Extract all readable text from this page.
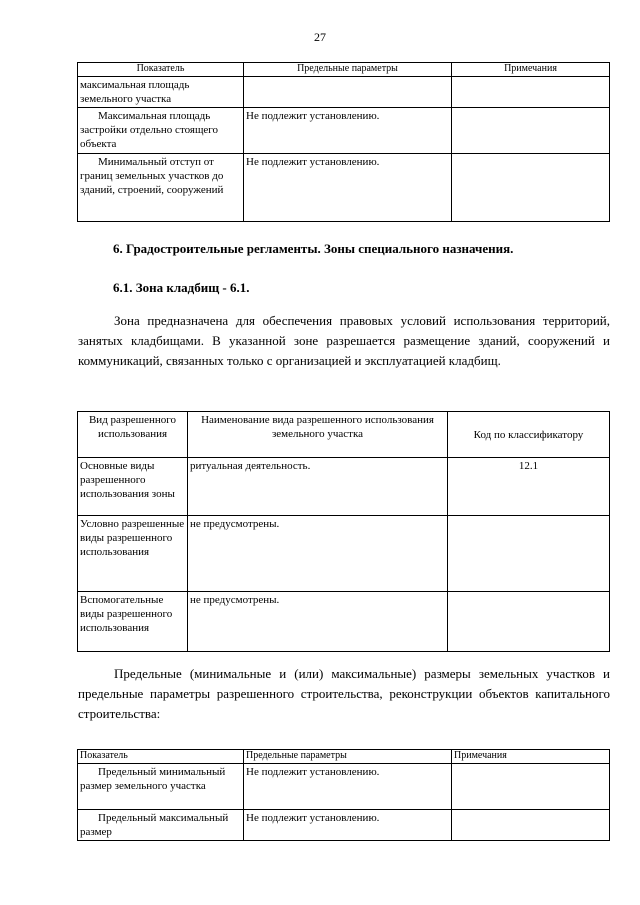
27
Показатель	Предельные параметры	Примечания
максимальная площадь земельного участка		
Максимальная площадь застройки отдельно стоящего объекта	Не подлежит установлению.	
Минимальный отступ от границ земельных участков до зданий, строений, сооружений	Не подлежит установлению.	
6. Градостроительные регламенты. Зоны специального назначения.
6.1. Зона кладбищ - 6.1.
Зона предназначена для обеспечения правовых условий использования территорий, занятых кладбищами. В указанной зоне разрешается размещение зданий, сооружений и коммуникаций, связанных только с организацией и эксплуатацией кладбищ.
Вид разрешенного использования	Наименование вида разрешенного использования земельного участка	Код по классификатору
Основные виды разрешенного использования зоны	ритуальная деятельность.	12.1
Условно разрешенные виды разрешенного использования	не предусмотрены.	
Вспомогательные виды разрешенного использования	не предусмотрены.	
Предельные (минимальные и (или) максимальные) размеры земельных участков и предельные параметры разрешенного строительства, реконструкции объектов капитального строительства:
Показатель	Предельные параметры	Примечания
Предельный минимальный размер земельного участка	Не подлежит установлению.	
Предельный максимальный размер	Не подлежит установлению.	
